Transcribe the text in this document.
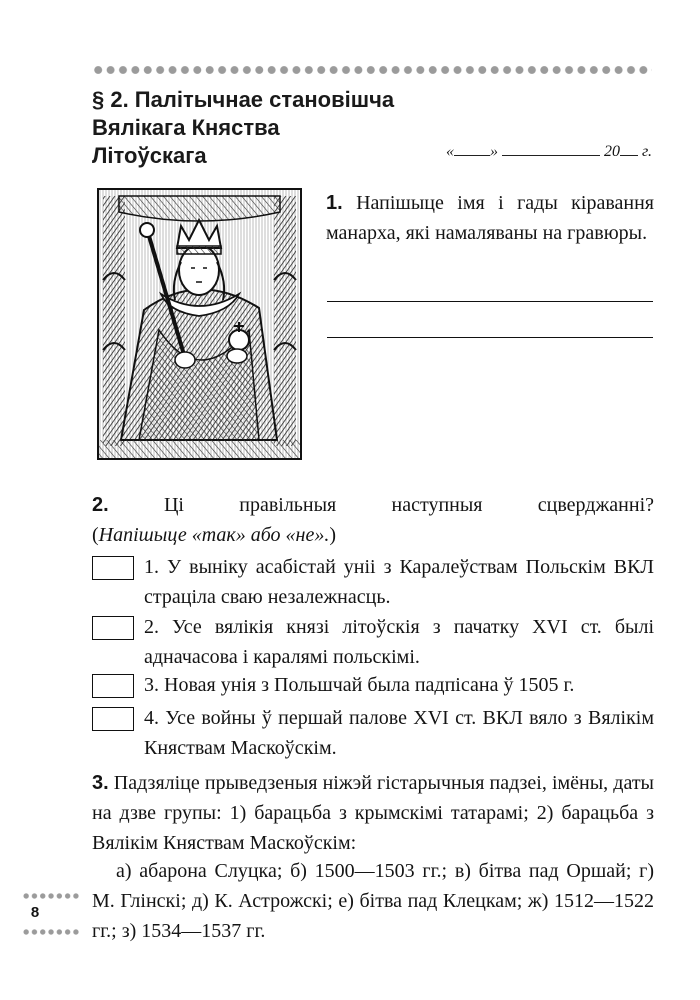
§ 2. Палітычнае становішча
Вялікага Княства
Літоўскага	« »	20 г.

1. Напішыце імя і гады кіравання манарха, які намаляваны на гравюры.

2.	Ці правільныя наступныя сцверджанні? (Напішыце «так» або «не».)

1. У выніку асабістай уніі з Каралеўствам Польскім ВКЛ страціла сваю незалежнасць.
2. Усе вялікія князі літоўскія з пачатку XVI ст. былі адначасова і каралямі польскімі.
3. Новая унія з Польшчай была падпісана ў 1505 г.
4. Усе войны ў першай палове XVI ст. ВКЛ вяло з Вялікім Княствам Маскоўскім.

3. Падзяліце прыведзеныя ніжэй гістарычныя падзеі, імёны, даты на дзве групы: 1) барацьба з крымскімі татарамі; 2) барацьба з Вялікім Княствам Маскоўскім:

а) абарона Слуцка; б) 1500—1503 гг.; в) бітва пад Оршай; г) М. Глінскі; д) К. Астрожскі; е) бітва пад Клецкам; ж) 1512—1522 гг.; з) 1534—1537 гг.

8
